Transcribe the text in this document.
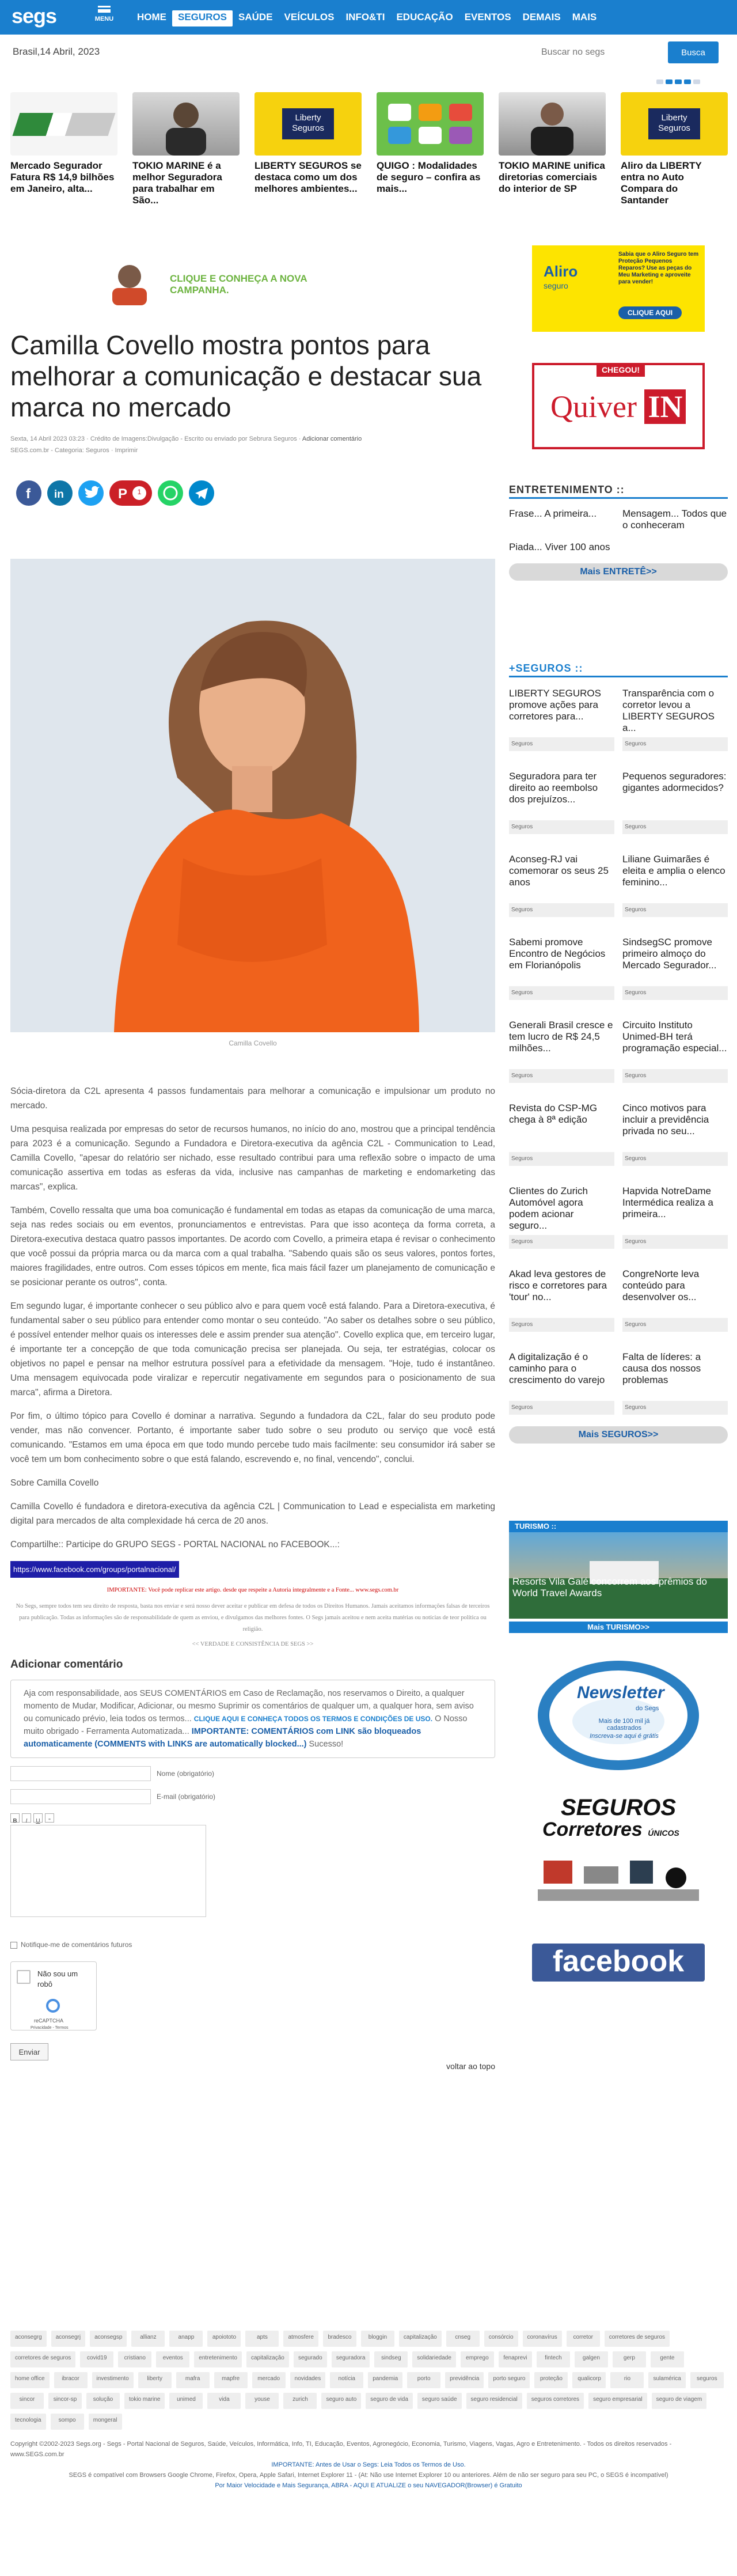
segs	MENU	HOME	SEGUROS	SAÚDE	VEÍCULOS	INFO&TI	EDUCAÇÃO	EVENTOS	DEMAIS	MAIS
Brasil,14 Abril, 2023
Buscar no segs	Busca
Mercado Segurador Fatura R$ 14,9 bilhões em Janeiro, alta...
TOKIO MARINE é a melhor Seguradora para trabalhar em São...
Liberty
Seguros
LIBERTY SEGUROS se destaca como um dos melhores ambientes...
QUIGO : Modalidades de seguro – confira as mais...
TOKIO MARINE unifica diretorias comerciais do interior de SP
Liberty
Seguros
Aliro da LIBERTY entra no Auto Compara do Santander
CLIQUE E CONHEÇA A NOVA CAMPANHA.
Camilla Covello mostra pontos para melhorar a comunicação e destacar sua marca no mercado
Sexta, 14 Abril 2023 03:23 · Crédito de Imagens:Divulgação - Escrito ou enviado por Sebrura Seguros · Adicionar comentário
SEGS.com.br - Categoria: Seguros · Imprimir
f in	P 1
Camilla Covello

Sócia-diretora da C2L apresenta 4 passos fundamentais para melhorar a comunicação e impulsionar um produto no mercado.

Uma pesquisa realizada por empresas do setor de recursos humanos, no início do ano, mostrou que a principal tendência para 2023 é a comunicação. Segundo a Fundadora e Diretora-executiva da agência C2L - Communication to Lead, Camilla Covello, "apesar do relatório ser nichado, esse resultado contribui para uma reflexão sobre o impacto de uma comunicação assertiva em todas as esferas da vida, inclusive nas campanhas de marketing e endomarketing das marcas", explica.

Também, Covello ressalta que uma boa comunicação é fundamental em todas as etapas da comunicação de uma marca, seja nas redes sociais ou em eventos, pronunciamentos e entrevistas. Para que isso aconteça da forma correta, a Diretora-executiva destaca quatro passos importantes. De acordo com Covello, a primeira etapa é revisar o conhecimento que você possui da própria marca ou da marca com a qual trabalha. "Sabendo quais são os seus valores, pontos fortes, maiores fragilidades, entre outros. Com esses tópicos em mente, fica mais fácil fazer um planejamento de comunicação e se posicionar perante os outros", conta.

Em segundo lugar, é importante conhecer o seu público alvo e para quem você está falando. Para a Diretora-executiva, é fundamental saber o seu público para entender como montar o seu conteúdo. "Ao saber os detalhes sobre o seu público, é possível entender melhor quais os interesses dele e assim prender sua atenção". Covello explica que, em terceiro lugar, é importante ter a concepção de que toda comunicação precisa ser planejada. Ou seja, ter estratégias, colocar os objetivos no papel e pensar na melhor estrutura possível para a efetividade da mensagem. "Hoje, tudo é instantâneo. Uma mensagem equivocada pode viralizar e repercutir negativamente em segundos para o posicionamento de sua marca", afirma a Diretora.

Por fim, o último tópico para Covello é dominar a narrativa. Segundo a fundadora da C2L, falar do seu produto pode vender, mas não convencer. Portanto, é importante saber tudo sobre o seu produto ou serviço que você está comunicando. "Estamos em uma época em que todo mundo percebe tudo mais facilmente: seu consumidor irá saber se você tem um bom conhecimento sobre o que está falando, escrevendo e, no final, vencendo", conclui.

Sobre Camilla Covello

Camilla Covello é fundadora e diretora-executiva da agência C2L | Communication to Lead e especialista em marketing digital para mercados de alta complexidade há cerca de 20 anos.

Compartilhe:: Participe do GRUPO SEGS - PORTAL NACIONAL no FACEBOOK...:

https://www.facebook.com/groups/portalnacional/
IMPORTANTE: Você pode replicar este artigo. desde que respeite a Autoria integralmente e a Fonte... www.segs.com.br
No Segs, sempre todos tem seu direito de resposta, basta nos enviar e será nosso dever aceitar e publicar em defesa de todos os Direitos Humanos. Jamais aceitamos informações falsas de terceiros para publicação. Todas as informações são de responsabilidade de quem as enviou, e divulgamos das melhores fontes. O Segs jamais aceitou e nem aceita matérias ou notícias de teor política ou religião.
<< VERDADE E CONSISTÊNCIA DE SEGS >>
Adicionar comentário
Aja com responsabilidade, aos SEUS COMENTÁRIOS em Caso de Reclamação, nos reservamos o Direito, a qualquer momento de Mudar, Modificar, Adicionar, ou mesmo Suprimir os comentários de qualquer um, a qualquer hora, sem aviso ou comunicado prévio, leia todos os termos... CLIQUE AQUI E CONHEÇA TODOS OS TERMOS E CONDIÇÕES DE USO. O Nosso muito obrigado - Ferramenta Automatizada... IMPORTANTE: COMENTÁRIOS com LINK são bloqueados automaticamente (COMMENTS with LINKS are automatically blocked...) Sucesso!
Nome (obrigatório)
E-mail (obrigatório)
B	I	U	"
Notifique-me de comentários futuros
Não sou um robô
reCAPTCHA
Privacidade - Termos
Enviar
voltar ao topo
Aliro
seguro
Sabia que o Aliro Seguro tem Proteção Pequenos Reparos? Use as peças do Meu Marketing e aproveite para vender!
CLIQUE AQUI
CHEGOU!
Quiver IN
ENTRETENIMENTO ::
Frase... A primeira...	Mensagem... Todos que o conheceram
Piada... Viver 100 anos
Mais ENTRETÊ>>
+SEGUROS ::
LIBERTY SEGUROS promove ações para corretores para...
Seguros
Transparência com o corretor levou a LIBERTY SEGUROS a...
Seguros
Seguradora para ter direito ao reembolso dos prejuízos...
Seguros
Pequenos seguradores: gigantes adormecidos?
Seguros
Aconseg-RJ vai comemorar os seus 25 anos
Seguros
Liliane Guimarães é eleita e amplia o elenco feminino...
Seguros
Sabemi promove Encontro de Negócios em Florianópolis
Seguros
SindsegSC promove primeiro almoço do Mercado Segurador...
Seguros
Generali Brasil cresce e tem lucro de R$ 24,5 milhões...
Seguros
Circuito Instituto Unimed-BH terá programação especial...
Seguros
Revista do CSP-MG chega à 8ª edição
Seguros
Cinco motivos para incluir a previdência privada no seu...
Seguros
Clientes do Zurich Automóvel agora podem acionar seguro...
Seguros
Hapvida NotreDame Intermédica realiza a primeira...
Seguros
Akad leva gestores de risco e corretores para 'tour' no...
Seguros
CongreNorte leva conteúdo para desenvolver os...
Seguros
A digitalização é o caminho para o crescimento do varejo
Seguros
Falta de líderes: a causa dos nossos problemas
Seguros
Mais SEGUROS>>
TURISMO ::
Resorts Vila Galé concorrem aos prêmios do World Travel Awards
Mais TURISMO>>
Newsletter
do Segs
Mais de 100 mil já cadastrados
Inscreva-se aqui é grátis
SEGUROS
Corretores ÚNICOS
facebook
aconsegrg	aconsegrj	aconsegsp	allianz	anapp	apoiototo	apts	atmosfere	bradesco	bloggin	capitalização	cnseg	consórcio	coronavírus	corretor	corretores de seguros
corretores de seguros	covid19	cristiano	eventos	entretenimento	capitalização	segurado	seguradora	sindseg	solidariedade	emprego	fenaprevi	fintech	galgen	gerp	gente
home office	ibracor	investimento	liberty	mafra	mapfre	mercado	novidades	notícia	pandemia	porto	previdência	porto seguro	proteção	qualicorp	rio	sulamérica	seguros
sincor	sincor-sp	solução	tokio marine	unimed	vida	youse	zurich	seguro auto	seguro de vida	seguro saúde	seguro residencial	seguros corretores	seguro empresarial	seguro de viagem
tecnologia	sompo	mongeral
Copyright ©2002-2023 Segs.org - Segs - Portal Nacional de Seguros, Saúde, Veículos, Informática, Info, TI, Educação, Eventos, Agronegócio, Economia, Turismo, Viagens, Vagas, Agro e Entretenimento. - Todos os direitos reservados - www.SEGS.com.br
IMPORTANTE: Antes de Usar o Segs: Leia Todos os Termos de Uso.
SEGS é compatível com Browsers Google Chrome, Firefox, Opera, Apple Safari, Internet Explorer 11 - (At: Não use Internet Explorer 10 ou anteriores. Além de não ser seguro para seu PC, o SEGS é incompatível)
Por Maior Velocidade e Mais Segurança, ABRA - AQUI E ATUALIZE o seu NAVEGADOR(Browser) é Gratuito
